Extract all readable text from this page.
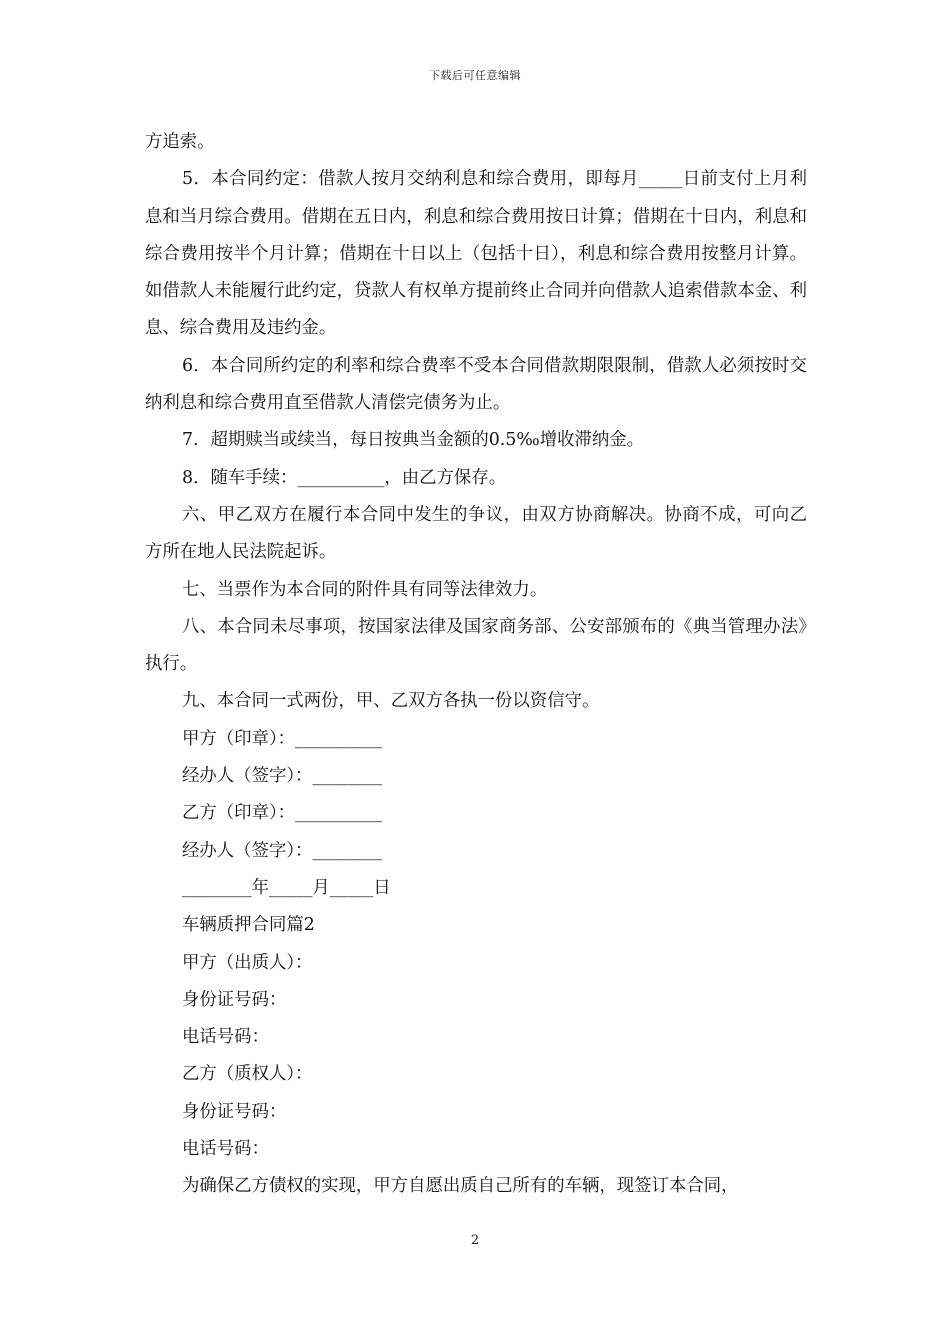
下载后可任意编辑

方追索。

5．本合同约定：借款人按月交纳利息和综合费用，即每月_____日前支付上月利息和当月综合费用。借期在五日内，利息和综合费用按日计算；借期在十日内，利息和综合费用按半个月计算；借期在十日以上（包括十日），利息和综合费用按整月计算。如借款人未能履行此约定，贷款人有权单方提前终止合同并向借款人追索借款本金、利息、综合费用及违约金。

6．本合同所约定的利率和综合费率不受本合同借款期限限制，借款人必须按时交纳利息和综合费用直至借款人清偿完债务为止。

7．超期赎当或续当，每日按典当金额的0.5‰增收滞纳金。

8．随车手续：__________，由乙方保存。

六、甲乙双方在履行本合同中发生的争议，由双方协商解决。协商不成，可向乙方所在地人民法院起诉。

七、当票作为本合同的附件具有同等法律效力。

八、本合同未尽事项，按国家法律及国家商务部、公安部颁布的《典当管理办法》执行。

九、本合同一式两份，甲、乙双方各执一份以资信守。

甲方（印章）：__________

经办人（签字）：________

乙方（印章）：__________

经办人（签字）：________

________年_____月_____日

车辆质押合同篇2

甲方（出质人）：

身份证号码：

电话号码：

乙方（质权人）：

身份证号码：

电话号码：

为确保乙方债权的实现，甲方自愿出质自己所有的车辆，现签订本合同，

2
